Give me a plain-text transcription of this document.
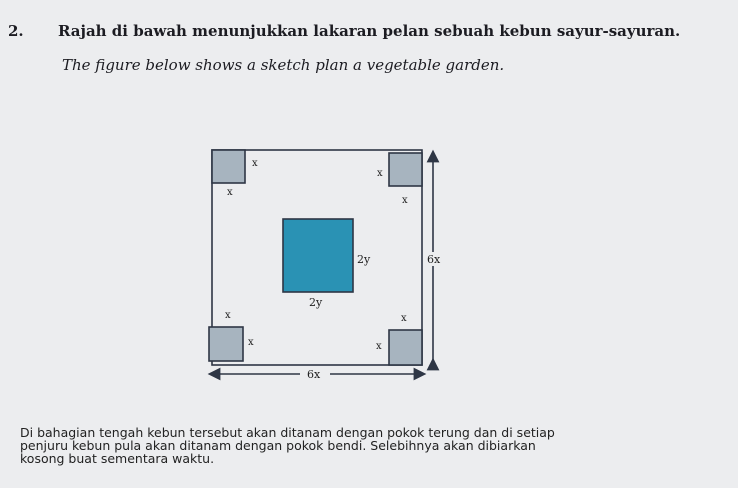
2. Rajah di bawah menunjukkan lakaran pelan sebuah kebun sayur-sayuran.
The figure below shows a sketch plan a vegetable garden.
x
x
x
x
2y
2y
x
x
x
x
6x
6x
Di bahagian tengah kebun tersebut akan ditanam dengan pokok terung dan di setiap
penjuru kebun pula akan ditanam dengan pokok bendi. Selebihnya akan dibiarkan
kosong buat sementara waktu.
